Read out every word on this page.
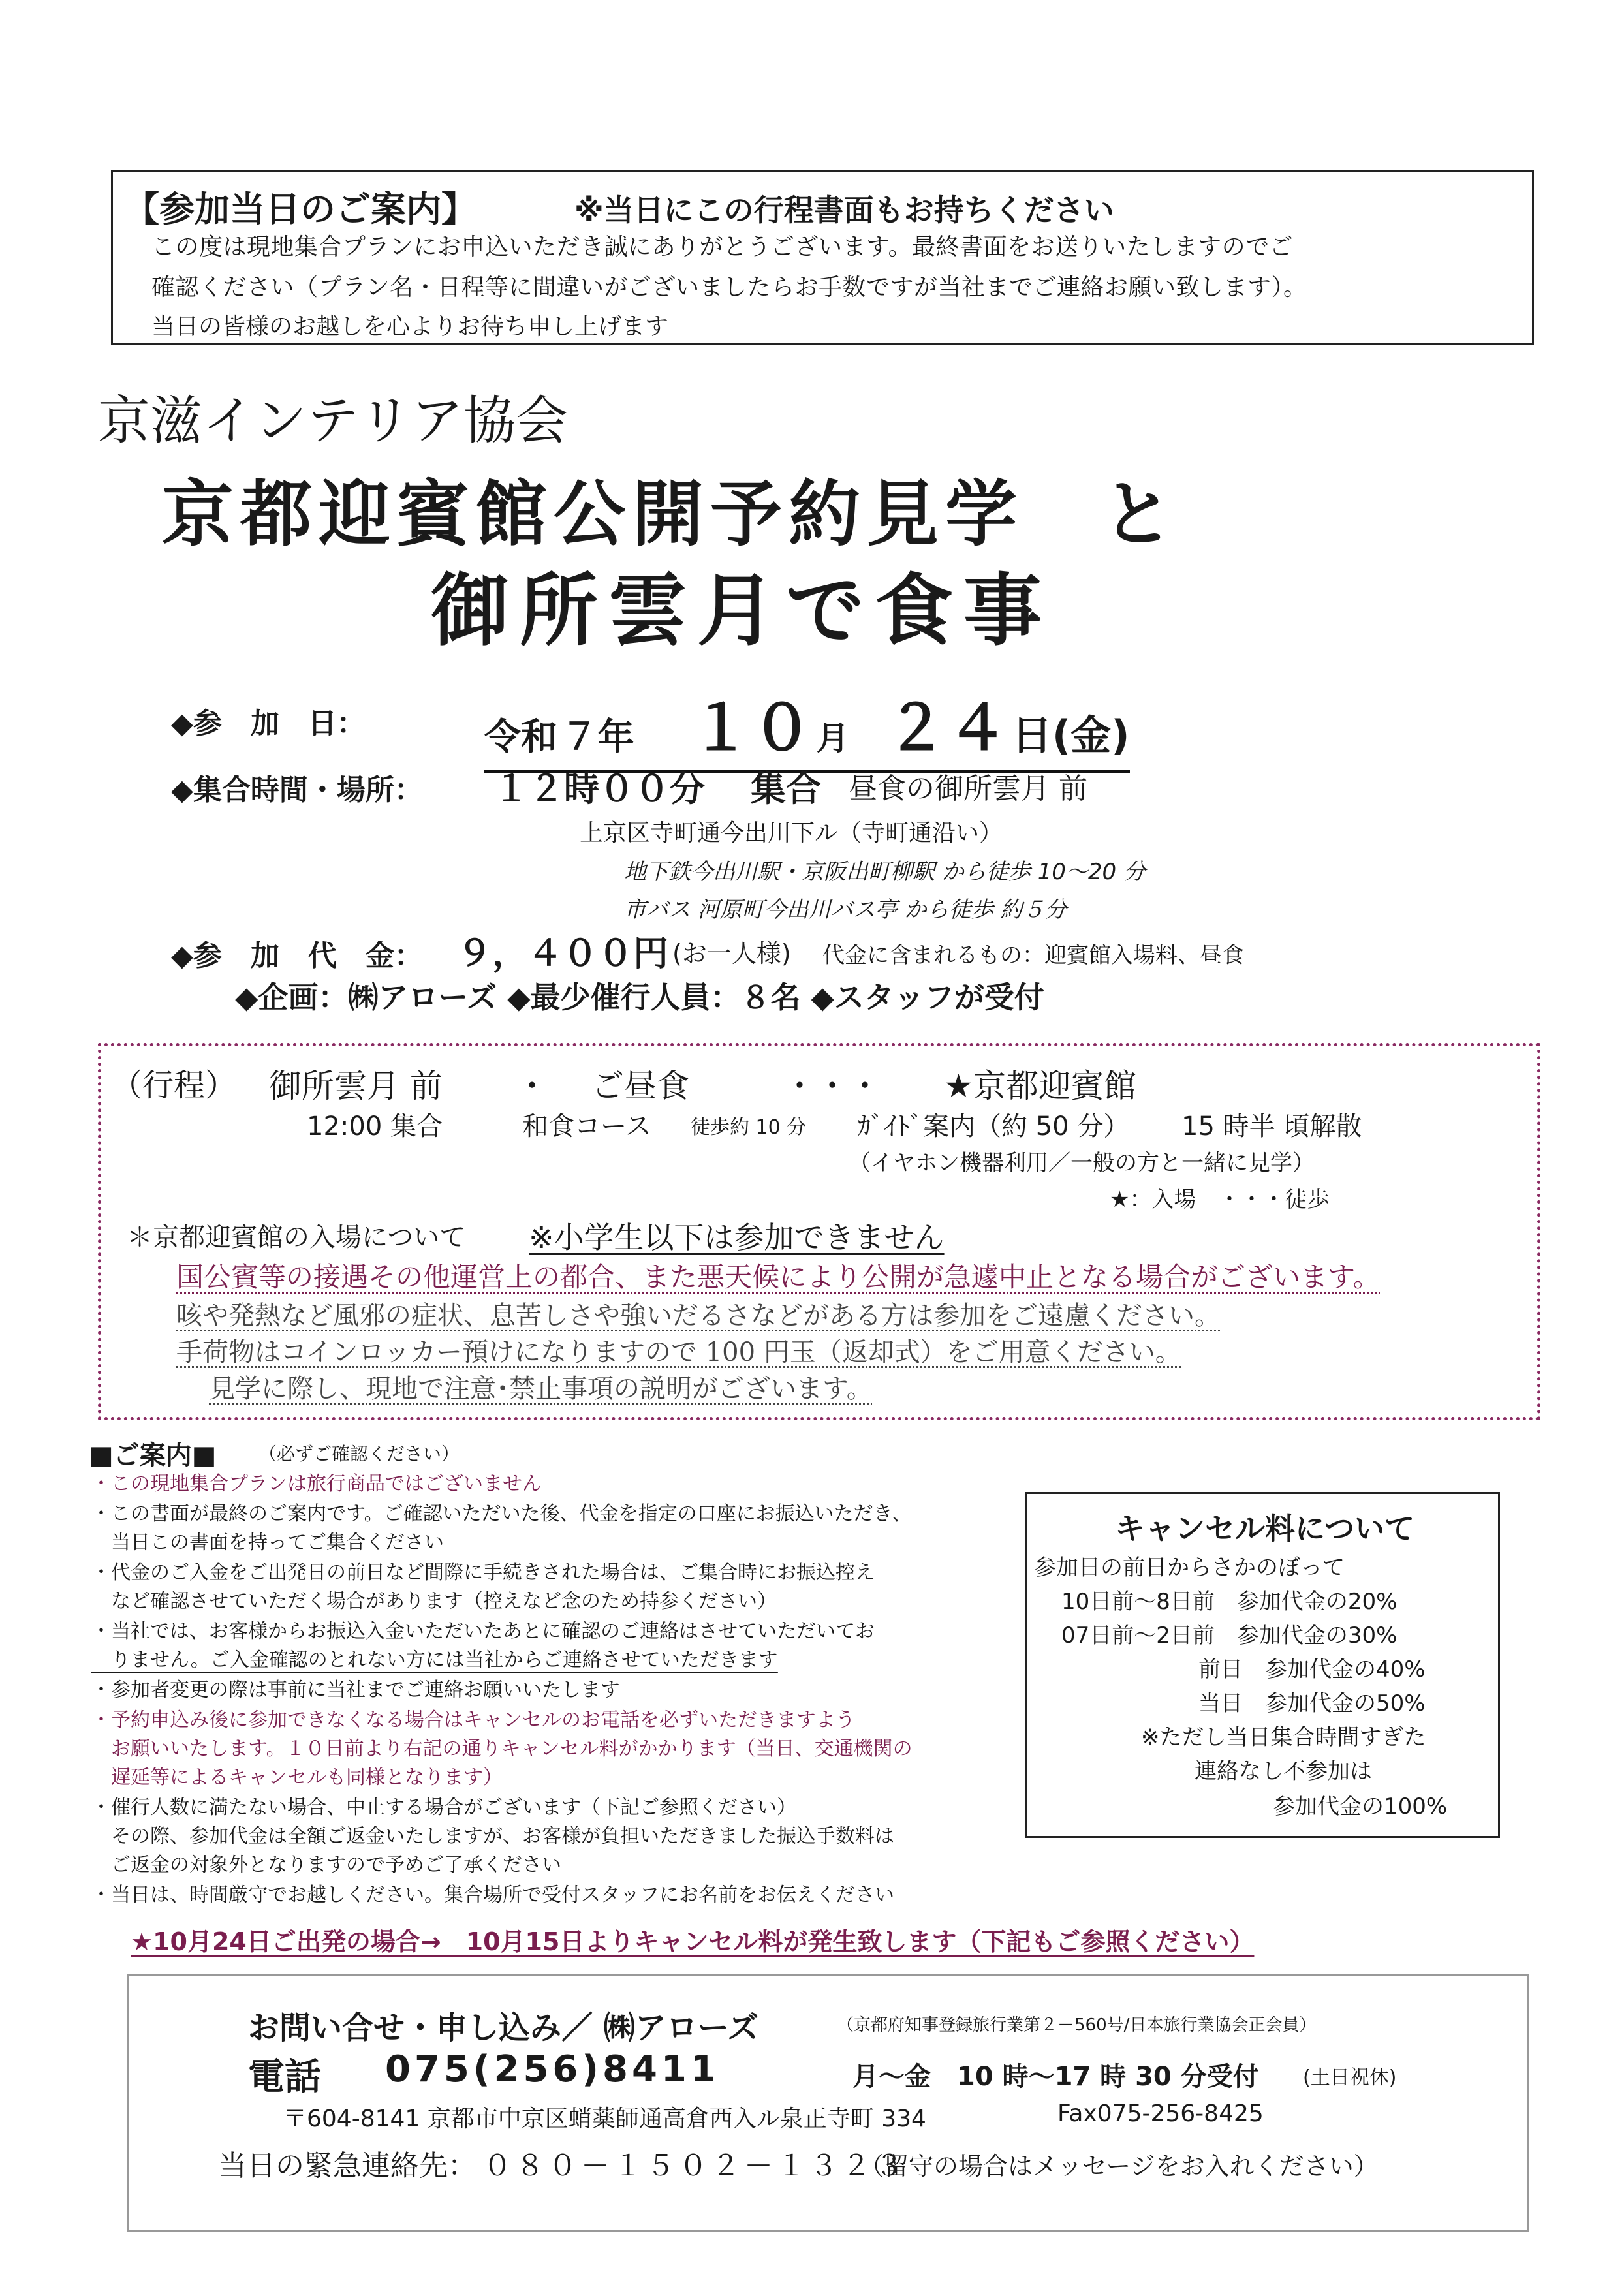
【参加当日のご案内】	※当日にこの行程書面もお持ちください
この度は現地集合プランにお申込いただき誠にありがとうございます。最終書面をお送りいたしますのでご
確認ください（プラン名・日程等に間違いがございましたらお手数ですが当社までご連絡お願い致します）。
当日の皆様のお越しを心よりお待ち申し上げます
京滋インテリア協会
京都迎賓館公開予約見学　と
御所雲月で食事
◆参　加　日：	令和 ７年 １０ 月 ２４ 日(金)
◆集合時間・場所： １２時００分 集合 昼食の御所雲月 前
上京区寺町通今出川下ル（寺町通沿い）
地下鉄今出川駅・京阪出町柳駅 から徒歩 10～20 分
市バス 河原町今出川バス亭 から徒歩 約５分
◆参　加　代　金： ９，４００円 (お一人様) 代金に含まれるもの：迎賓館入場料、昼食
◆企画：㈱アローズ ◆最少催行人員：８名 ◆スタッフが受付
（行程） 御所雲月 前 ・ ご昼食	・・・ ★京都迎賓館
12:00 集合	和食コース 徒歩約 10 分 ｶﾞｲﾄﾞ案内（約 50 分） 15 時半 頃解散
（イヤホン機器利用／一般の方と一緒に見学）
★：入場　・・・徒歩
＊京都迎賓館の入場について ※小学生以下は参加できません
国公賓等の接遇その他運営上の都合、また悪天候により公開が急遽中止となる場合がございます。
咳や発熱など風邪の症状、息苦しさや強いだるさなどがある方は参加をご遠慮ください。
手荷物はコインロッカー預けになりますので 100 円玉（返却式）をご用意ください。
見学に際し、現地で注意･禁止事項の説明がございます。
■ご案内■ （必ずご確認ください）
・この現地集合プランは旅行商品ではございません
・この書面が最終のご案内です。ご確認いただいた後、代金を指定の口座にお振込いただき、
　当日この書面を持ってご集合ください
・代金のご入金をご出発日の前日など間際に手続きされた場合は、ご集合時にお振込控え
　など確認させていただく場合があります（控えなど念のため持参ください）
・当社では、お客様からお振込入金いただいたあとに確認のご連絡はさせていただいてお
　りません。ご入金確認のとれない方には当社からご連絡させていただきます
・参加者変更の際は事前に当社までご連絡お願いいたします
・予約申込み後に参加できなくなる場合はキャンセルのお電話を必ずいただきますよう
　お願いいたします。１０日前より右記の通りキャンセル料がかかります（当日、交通機関の
　遅延等によるキャンセルも同様となります）
・催行人数に満たない場合、中止する場合がございます（下記ご参照ください）
　その際、参加代金は全額ご返金いたしますが、お客様が負担いただきました振込手数料は
　ご返金の対象外となりますので予めご了承ください
・当日は、時間厳守でお越しください。集合場所で受付スタッフにお名前をお伝えください
キャンセル料について
参加日の前日からさかのぼって
10日前～8日前　参加代金の20%
07日前～2日前　参加代金の30%
前日　参加代金の40%
当日　参加代金の50%
※ただし当日集合時間すぎた
連絡なし不参加は
参加代金の100%
★10月24日ご出発の場合→　10月15日よりキャンセル料が発生致します（下記もご参照ください）
お問い合せ・申し込み／ ㈱アローズ	（京都府知事登録旅行業第２－560号/日本旅行業協会正会員）
電話 075(256)8411	月～金　10 時～17 時 30 分受付 (土日祝休)
〒604-8141 京都市中京区蛸薬師通高倉西入ル泉正寺町 334	Fax075-256-8425
当日の緊急連絡先： ０８０－１５０２－１３２３
（留守の場合はメッセージをお入れください）
